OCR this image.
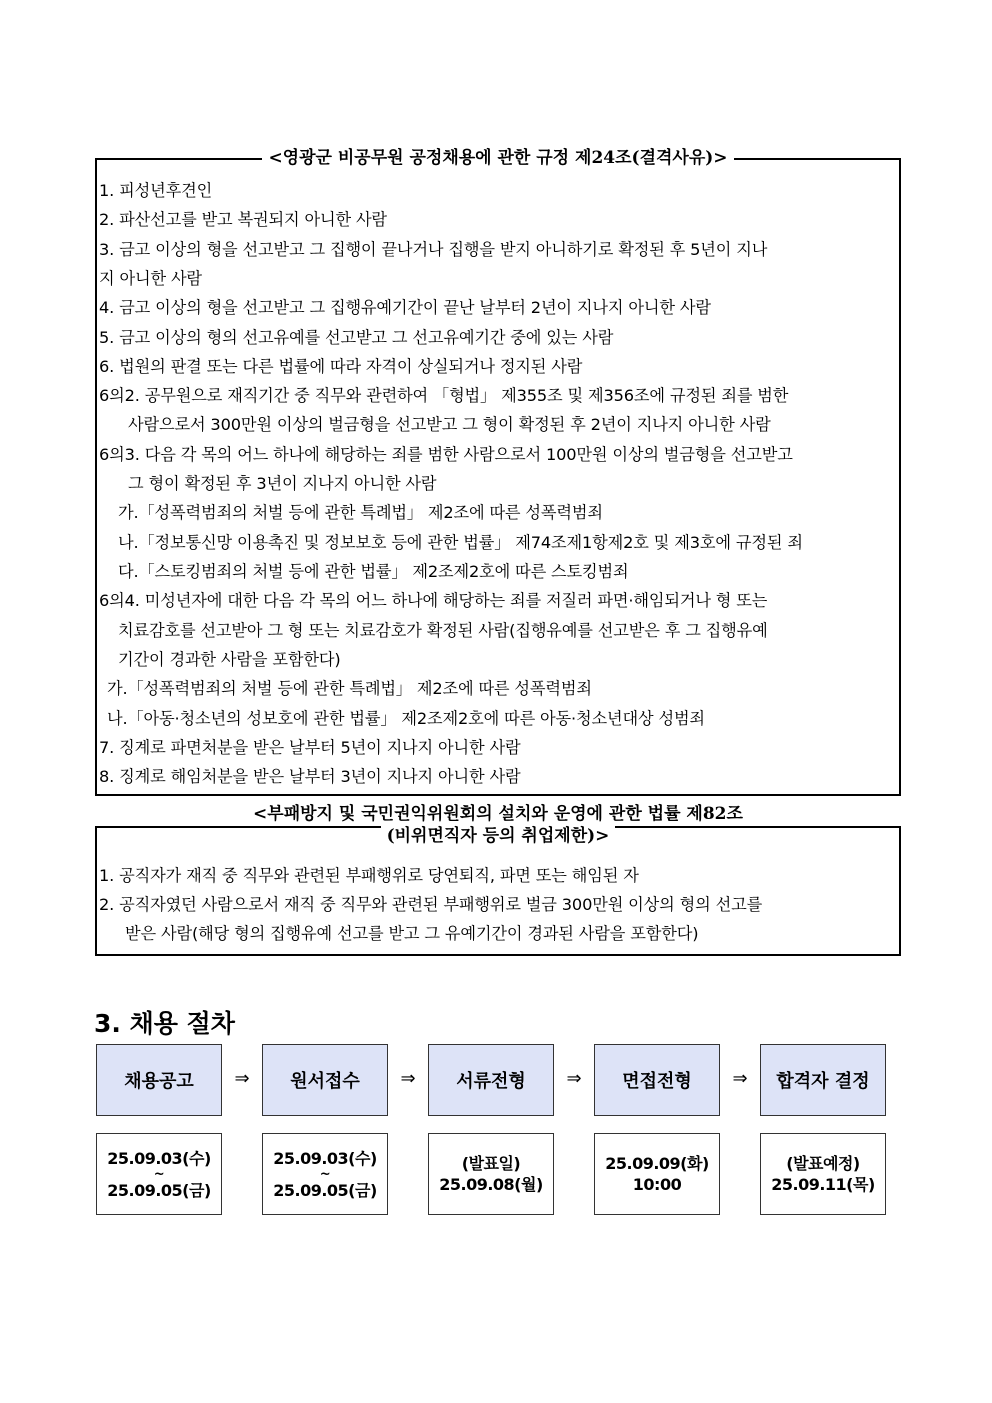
<영광군 비공무원 공정채용에 관한 규정 제24조(결격사유)>
1. 피성년후견인
2. 파산선고를 받고 복권되지 아니한 사람
3. 금고 이상의 형을 선고받고 그 집행이 끝나거나 집행을 받지 아니하기로 확정된 후 5년이 지나
지 아니한 사람
4. 금고 이상의 형을 선고받고 그 집행유예기간이 끝난 날부터 2년이 지나지 아니한 사람
5. 금고 이상의 형의 선고유예를 선고받고 그 선고유예기간 중에 있는 사람
6. 법원의 판결 또는 다른 법률에 따라 자격이 상실되거나 정지된 사람
6의2. 공무원으로 재직기간 중 직무와 관련하여 「형법」 제355조 및 제356조에 규정된 죄를 범한
사람으로서 300만원 이상의 벌금형을 선고받고 그 형이 확정된 후 2년이 지나지 아니한 사람
6의3. 다음 각 목의 어느 하나에 해당하는 죄를 범한 사람으로서 100만원 이상의 벌금형을 선고받고
그 형이 확정된 후 3년이 지나지 아니한 사람
가.「성폭력범죄의 처벌 등에 관한 특례법」 제2조에 따른 성폭력범죄
나.「정보통신망 이용촉진 및 정보보호 등에 관한 법률」 제74조제1항제2호 및 제3호에 규정된 죄
다.「스토킹범죄의 처벌 등에 관한 법률」 제2조제2호에 따른 스토킹범죄
6의4. 미성년자에 대한 다음 각 목의 어느 하나에 해당하는 죄를 저질러 파면·해임되거나 형 또는
치료감호를 선고받아 그 형 또는 치료감호가 확정된 사람(집행유예를 선고받은 후 그 집행유예
기간이 경과한 사람을 포함한다)
가.「성폭력범죄의 처벌 등에 관한 특례법」 제2조에 따른 성폭력범죄
나.「아동·청소년의 성보호에 관한 법률」 제2조제2호에 따른 아동·청소년대상 성범죄
7. 징계로 파면처분을 받은 날부터 5년이 지나지 아니한 사람
8. 징계로 해임처분을 받은 날부터 3년이 지나지 아니한 사람
<부패방지 및 국민권익위원회의 설치와 운영에 관한 법률 제82조
(비위면직자 등의 취업제한)>
1. 공직자가 재직 중 직무와 관련된 부패행위로 당연퇴직, 파면 또는 해임된 자
2. 공직자였던 사람으로서 재직 중 직무와 관련된 부패행위로 벌금 300만원 이상의 형의 선고를
받은 사람(해당 형의 집행유예 선고를 받고 그 유예기간이 경과된 사람을 포함한다)
3. 채용 절차
채용공고	⇒	원서접수	⇒	서류전형	⇒	면접전형	⇒	합격자 결정
25.09.03(수)
~
25.09.05(금)
25.09.03(수)
~
25.09.05(금)
(발표일)
25.09.08(월)
25.09.09(화)
10:00
(발표예정)
25.09.11(목)
